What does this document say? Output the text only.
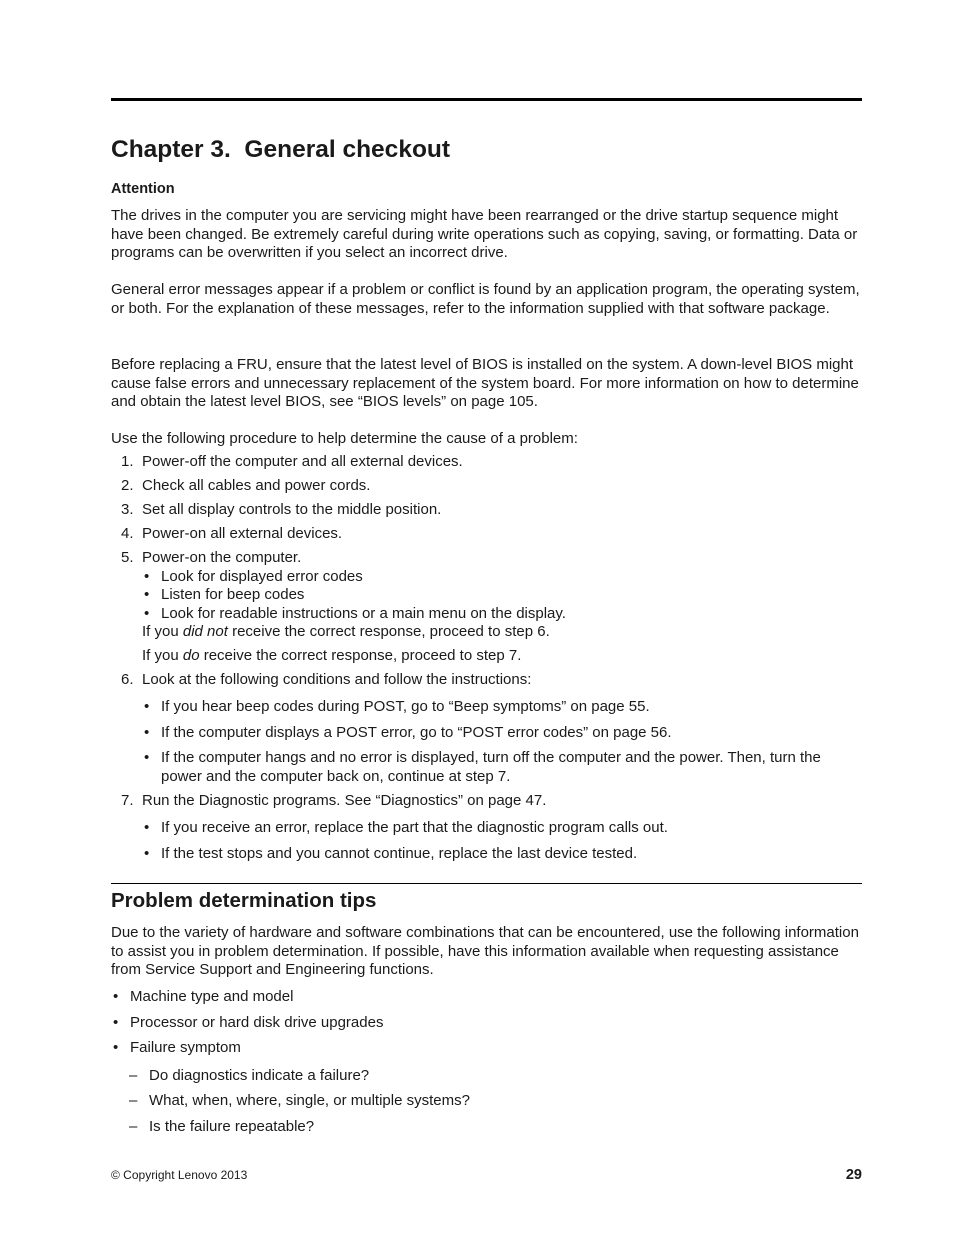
Chapter 3.  General checkout
Attention

The drives in the computer you are servicing might have been rearranged or the drive startup sequence might have been changed. Be extremely careful during write operations such as copying, saving, or formatting. Data or programs can be overwritten if you select an incorrect drive.

General error messages appear if a problem or conflict is found by an application program, the operating system, or both. For the explanation of these messages, refer to the information supplied with that software package.

Before replacing a FRU, ensure that the latest level of BIOS is installed on the system. A down-level BIOS might cause false errors and unnecessary replacement of the system board. For more information on how to determine and obtain the latest level BIOS, see “BIOS levels” on page 105.

Use the following procedure to help determine the cause of a problem:

1. Power-off the computer and all external devices.
2. Check all cables and power cords.
3. Set all display controls to the middle position.
4. Power-on all external devices.
5. Power-on the computer.
• Look for displayed error codes
• Listen for beep codes
• Look for readable instructions or a main menu on the display.
If you did not receive the correct response, proceed to step 6.
If you do receive the correct response, proceed to step 7.
6. Look at the following conditions and follow the instructions:
• If you hear beep codes during POST, go to “Beep symptoms” on page 55.
• If the computer displays a POST error, go to “POST error codes” on page 56.
• If the computer hangs and no error is displayed, turn off the computer and the power. Then, turn the power and the computer back on, continue at step 7.
7. Run the Diagnostic programs. See “Diagnostics” on page 47.
• If you receive an error, replace the part that the diagnostic program calls out.
• If the test stops and you cannot continue, replace the last device tested.
Problem determination tips

Due to the variety of hardware and software combinations that can be encountered, use the following information to assist you in problem determination. If possible, have this information available when requesting assistance from Service Support and Engineering functions.

• Machine type and model
• Processor or hard disk drive upgrades
• Failure symptom
– Do diagnostics indicate a failure?
– What, when, where, single, or multiple systems?
– Is the failure repeatable?
© Copyright Lenovo 2013	29
